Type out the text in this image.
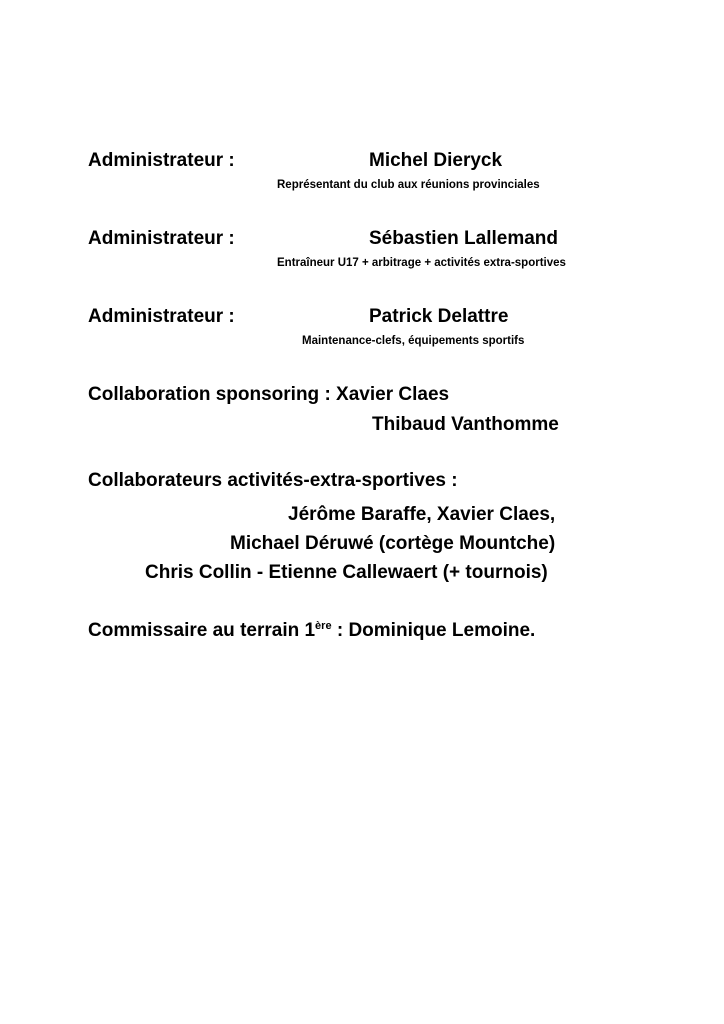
Administrateur :	Michel Dieryck
Représentant du club aux réunions provinciales
Administrateur :	Sébastien Lallemand
Entraîneur U17 + arbitrage + activités extra-sportives
Administrateur :	Patrick Delattre
Maintenance-clefs, équipements sportifs
Collaboration sponsoring : Xavier Claes
Thibaud Vanthomme
Collaborateurs activités-extra-sportives :
Jérôme Baraffe, Xavier Claes,
Michael Déruwé (cortège Mountche)
Chris Collin - Etienne Callewaert (+ tournois)
Commissaire au terrain 1ère : Dominique Lemoine.
